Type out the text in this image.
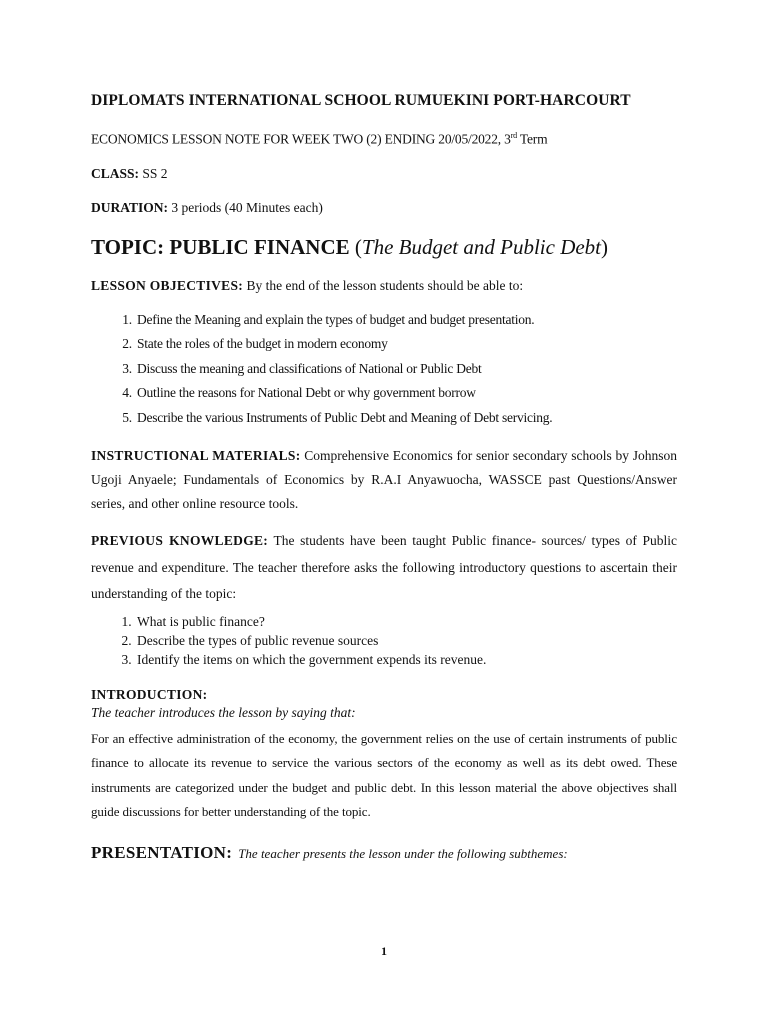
DIPLOMATS INTERNATIONAL SCHOOL RUMUEKINI PORT-HARCOURT

ECONOMICS LESSON NOTE FOR WEEK TWO (2) ENDING 20/05/2022, 3rd Term
CLASS: SS 2
DURATION: 3 periods (40 Minutes each)
TOPIC: PUBLIC FINANCE (The Budget and Public Debt)
LESSON OBJECTIVES: By the end of the lesson students should be able to:
1. Define the Meaning and explain the types of budget and budget presentation.
2. State the roles of the budget in modern economy
3. Discuss the meaning and classifications of National or Public Debt
4. Outline the reasons for National Debt or why government borrow
5. Describe the various Instruments of Public Debt and Meaning of Debt servicing.
INSTRUCTIONAL MATERIALS: Comprehensive Economics for senior secondary schools by Johnson Ugoji Anyaele; Fundamentals of Economics by R.A.I Anyawuocha, WASSCE past Questions/Answer series, and other online resource tools.
PREVIOUS KNOWLEDGE: The students have been taught Public finance- sources/ types of Public revenue and expenditure. The teacher therefore asks the following introductory questions to ascertain their understanding of the topic:
1. What is public finance?
2. Describe the types of public revenue sources
3. Identify the items on which the government expends its revenue.
INTRODUCTION:
The teacher introduces the lesson by saying that:
For an effective administration of the economy, the government relies on the use of certain instruments of public finance to allocate its revenue to service the various sectors of the economy as well as its debt owed. These instruments are categorized under the budget and public debt. In this lesson material the above objectives shall guide discussions for better understanding of the topic.
PRESENTATION: The teacher presents the lesson under the following subthemes:
1
